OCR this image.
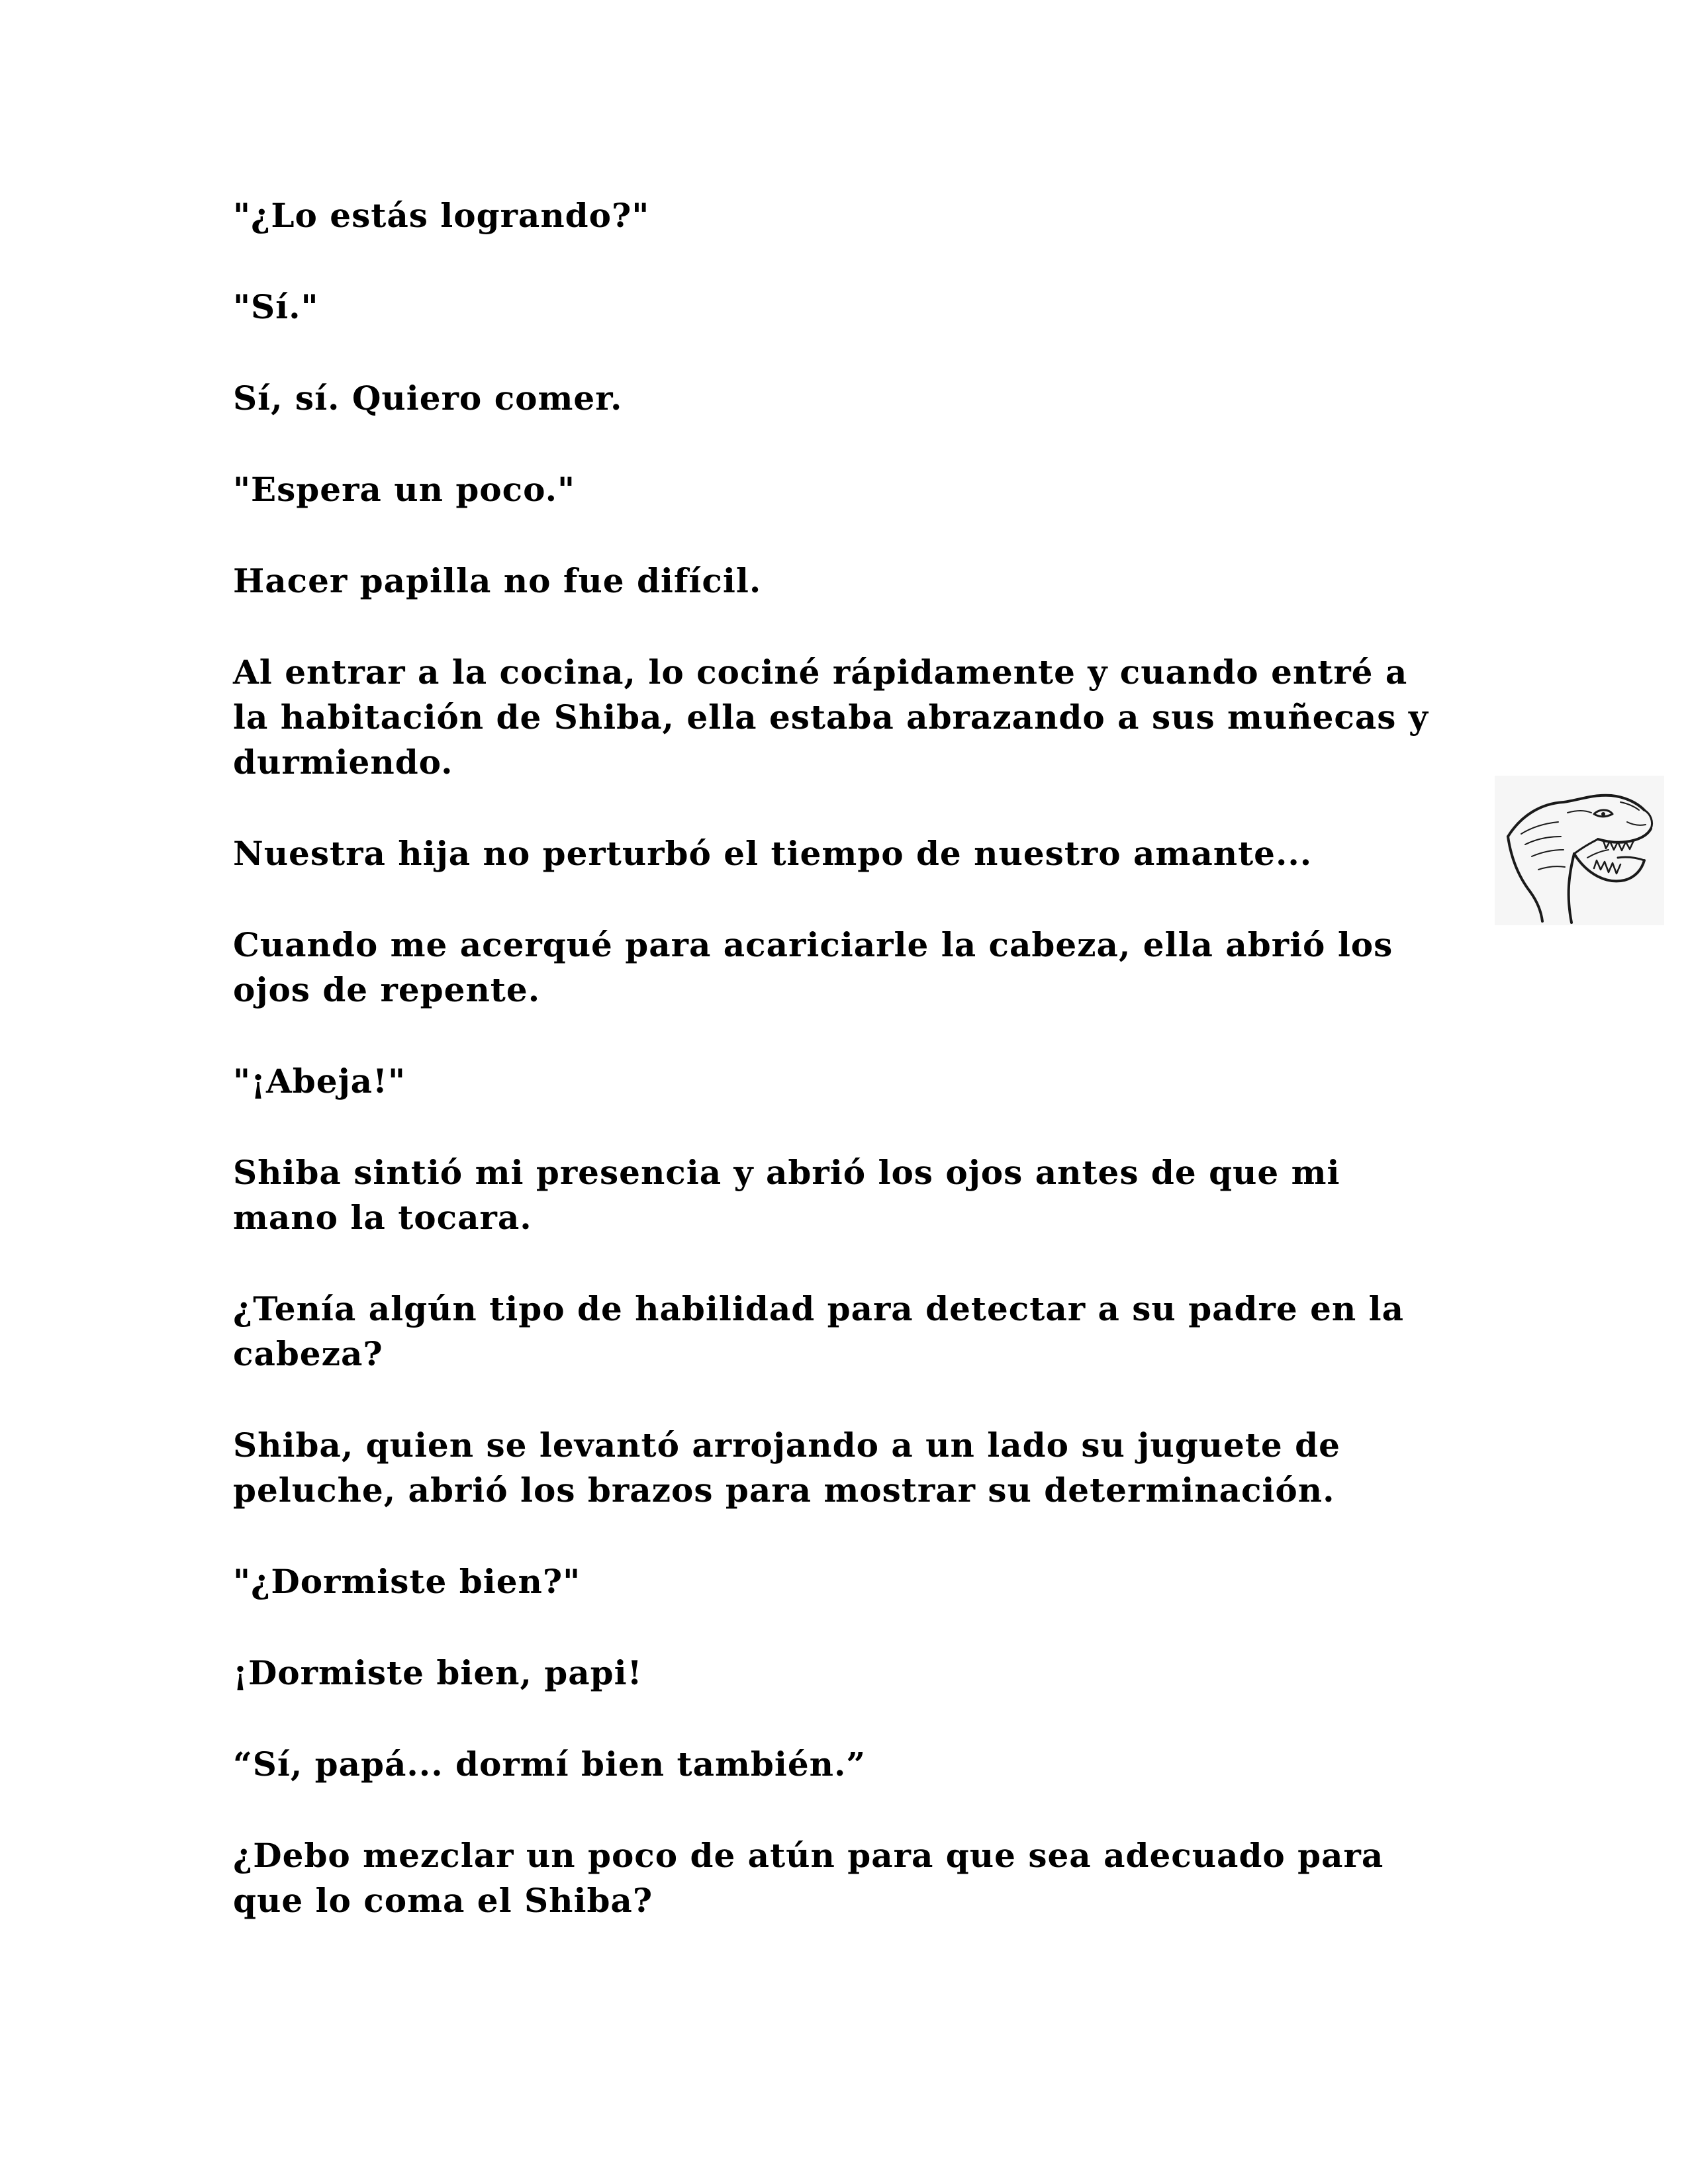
"¿Lo estás logrando?"

"Sí."

Sí, sí. Quiero comer.

"Espera un poco."

Hacer papilla no fue difícil.

Al entrar a la cocina, lo cociné rápidamente y cuando entré a
la habitación de Shiba, ella estaba abrazando a sus muñecas y
durmiendo.

Nuestra hija no perturbó el tiempo de nuestro amante...

Cuando me acerqué para acariciarle la cabeza, ella abrió los
ojos de repente.

"¡Abeja!"

Shiba sintió mi presencia y abrió los ojos antes de que mi
mano la tocara.

¿Tenía algún tipo de habilidad para detectar a su padre en la
cabeza?

Shiba, quien se levantó arrojando a un lado su juguete de
peluche, abrió los brazos para mostrar su determinación.

"¿Dormiste bien?"

¡Dormiste bien, papi!

“Sí, papá... dormí bien también.”

¿Debo mezclar un poco de atún para que sea adecuado para
que lo coma el Shiba?
